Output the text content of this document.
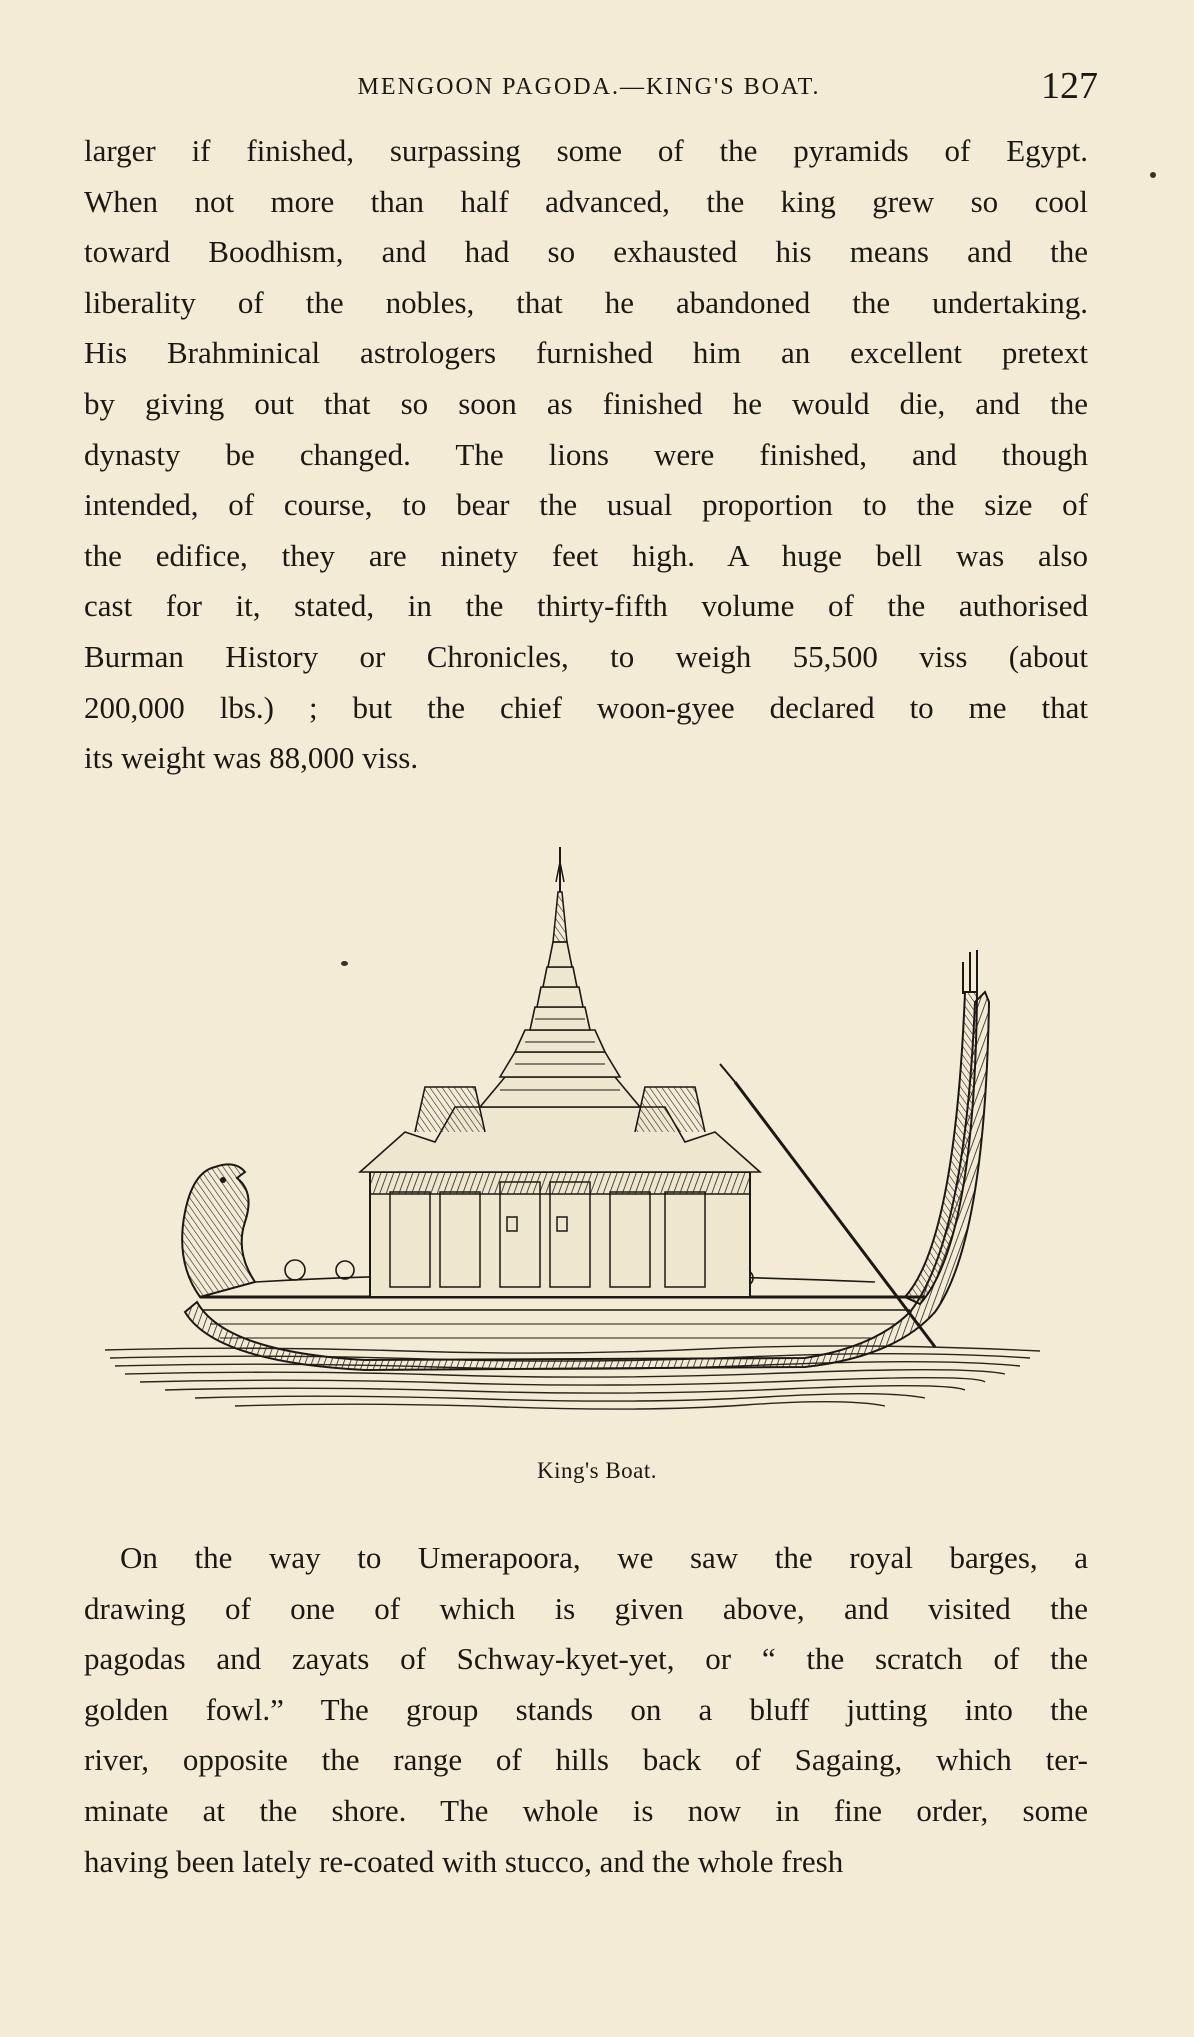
MENGOON PAGODA.—KING'S BOAT.	127
larger if finished, surpassing some of the pyramids of Egypt.
When not more than half advanced, the king grew so cool
toward Boodhism, and had so exhausted his means and the
liberality of the nobles, that he abandoned the undertaking.
His Brahminical astrologers furnished him an excellent pretext
by giving out that so soon as finished he would die, and the
dynasty be changed. The lions were finished, and though
intended, of course, to bear the usual proportion to the size of
the edifice, they are ninety feet high. A huge bell was also
cast for it, stated, in the thirty-fifth volume of the authorised
Burman History or Chronicles, to weigh 55,500 viss (about
200,000 lbs.) ; but the chief woon-gyee declared to me that
its weight was 88,000 viss.
King's Boat.
On the way to Umerapoora, we saw the royal barges, a
drawing of one of which is given above, and visited the
pagodas and zayats of Schway-kyet-yet, or “ the scratch of the
golden fowl.” The group stands on a bluff jutting into the
river, opposite the range of hills back of Sagaing, which ter-
minate at the shore. The whole is now in fine order, some
having been lately re-coated with stucco, and the whole fresh
